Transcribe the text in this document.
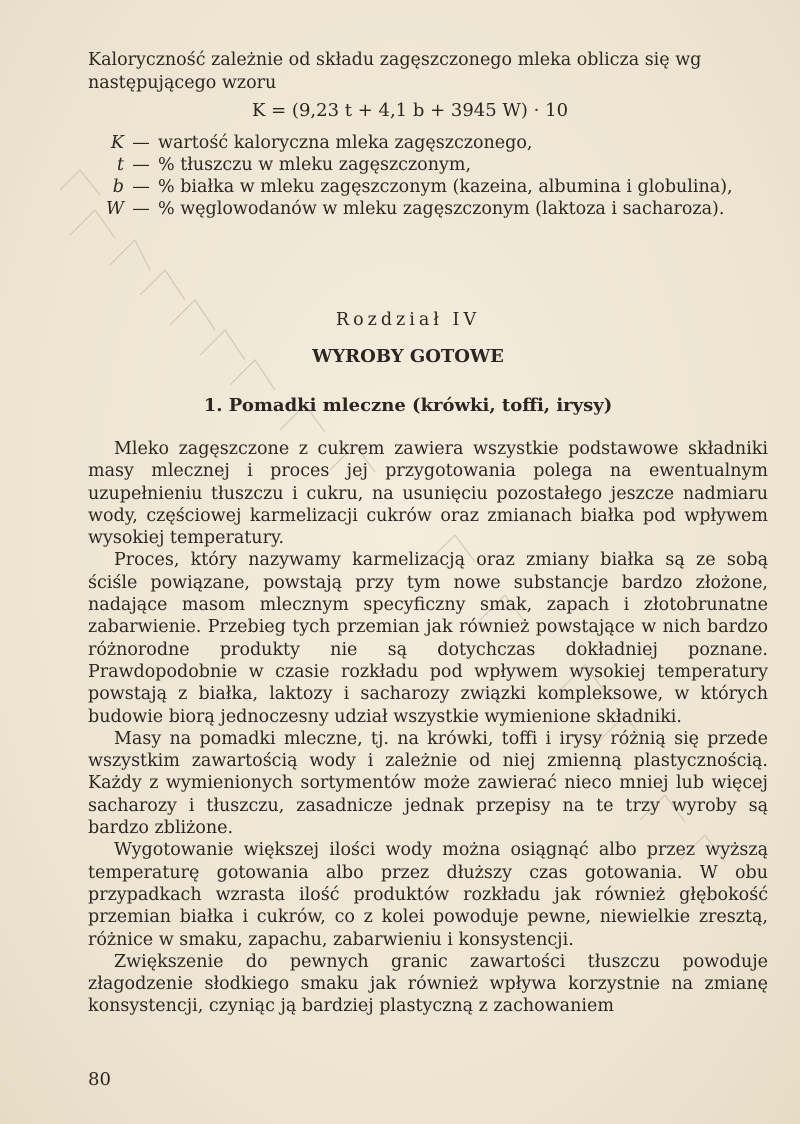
Kaloryczność zależnie od składu zagęszczonego mleka oblicza się wg następującego wzoru

K = (9,23 t + 4,1 b + 3945 W) · 10
K — wartość kaloryczna mleka zagęszczonego,
t — % tłuszczu w mleku zagęszczonym,
b — % białka w mleku zagęszczonym (kazeina, albumina i globulina),
W — % węglowodanów w mleku zagęszczonym (laktoza i sacharoza).
Rozdział IV
WYROBY GOTOWE
1. Pomadki mleczne (krówki, toffi, irysy)

Mleko zagęszczone z cukrem zawiera wszystkie podstawowe składniki masy mlecznej i proces jej przygotowania polega na ewentualnym uzupełnieniu tłuszczu i cukru, na usunięciu pozostałego jeszcze nadmiaru wody, częściowej karmelizacji cukrów oraz zmianach białka pod wpływem wysokiej temperatury.

Proces, który nazywamy karmelizacją oraz zmiany białka są ze sobą ściśle powiązane, powstają przy tym nowe substancje bardzo złożone, nadające masom mlecznym specyficzny smak, zapach i złotobrunatne zabarwienie. Przebieg tych przemian jak również powstające w nich bardzo różnorodne produkty nie są dotychczas dokładniej poznane. Prawdopodobnie w czasie rozkładu pod wpływem wysokiej temperatury powstają z białka, laktozy i sacharozy związki kompleksowe, w których budowie biorą jednoczesny udział wszystkie wymienione składniki.

Masy na pomadki mleczne, tj. na krówki, toffi i irysy różnią się przede wszystkim zawartością wody i zależnie od niej zmienną plastycznością. Każdy z wymienionych sortymentów może zawierać nieco mniej lub więcej sacharozy i tłuszczu, zasadnicze jednak przepisy na te trzy wyroby są bardzo zbliżone.

Wygotowanie większej ilości wody można osiągnąć albo przez wyższą temperaturę gotowania albo przez dłuższy czas gotowania. W obu przypadkach wzrasta ilość produktów rozkładu jak również głębokość przemian białka i cukrów, co z kolei powoduje pewne, niewielkie zresztą, różnice w smaku, zapachu, zabarwieniu i konsystencji.

Zwiększenie do pewnych granic zawartości tłuszczu powoduje złagodzenie słodkiego smaku jak również wpływa korzystnie na zmianę konsystencji, czyniąc ją bardziej plastyczną z zachowaniem

80
